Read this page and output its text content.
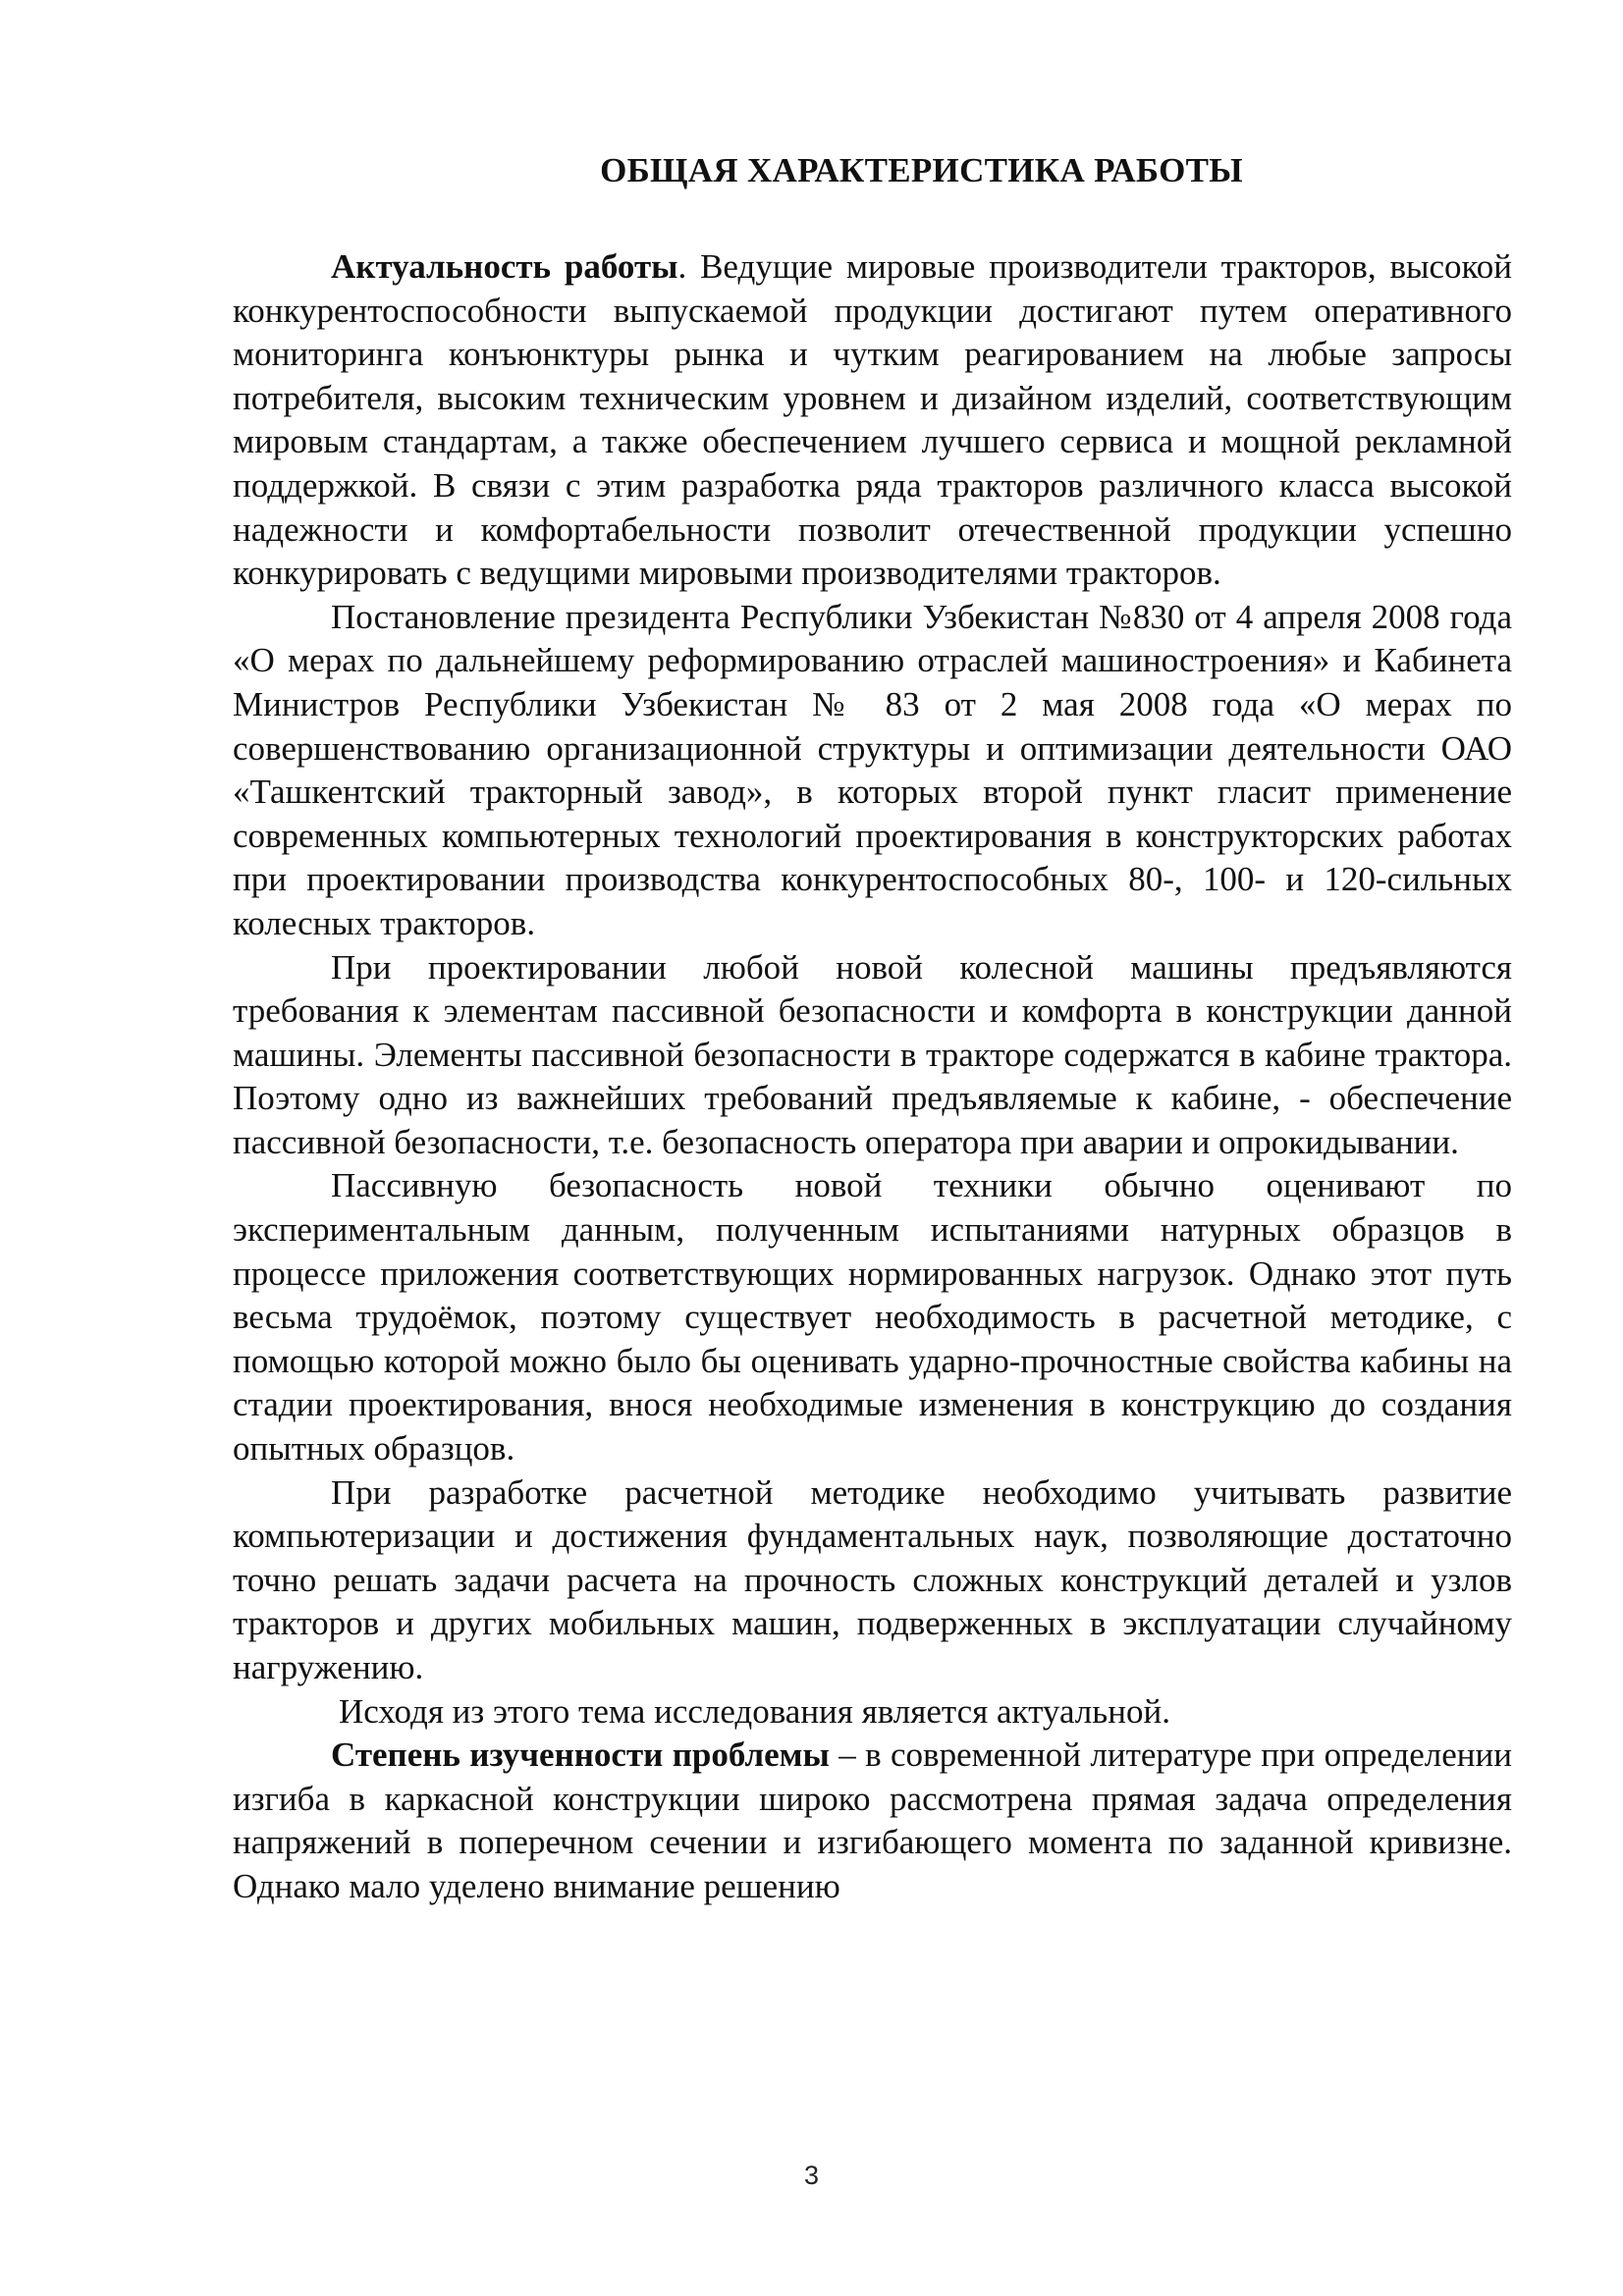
ОБЩАЯ ХАРАКТЕРИСТИКА РАБОТЫ

Актуальность работы. Ведущие мировые производители тракторов, высокой конкурентоспособности выпускаемой продукции достигают путем оперативного мониторинга конъюнктуры рынка и чутким реагированием на любые запросы потребителя, высоким техническим уровнем и дизайном изделий, соответствующим мировым стандартам, а также обеспечением лучшего сервиса и мощной рекламной поддержкой. В связи с этим разработка ряда тракторов различного класса высокой надежности и комфортабельности позволит отечественной продукции успешно конкурировать с ведущими мировыми производителями тракторов.

Постановление президента Республики Узбекистан №830 от 4 апреля 2008 года «О мерах по дальнейшему реформированию отраслей машиностроения» и Кабинета Министров Республики Узбекистан № 83 от 2 мая 2008 года «О мерах по совершенствованию организационной структуры и оптимизации деятельности ОАО «Ташкентский тракторный завод», в которых второй пункт гласит применение современных компьютерных технологий проектирования в конструкторских работах при проектировании производства конкурентоспособных 80-, 100- и 120-сильных колесных тракторов.

При проектировании любой новой колесной машины предъявляются требования к элементам пассивной безопасности и комфорта в конструкции данной машины. Элементы пассивной безопасности в тракторе содержатся в кабине трактора. Поэтому одно из важнейших требований предъявляемые к кабине, - обеспечение пассивной безопасности, т.е. безопасность оператора при аварии и опрокидывании.

Пассивную безопасность новой техники обычно оценивают по экспериментальным данным, полученным испытаниями натурных образцов в процессе приложения соответствующих нормированных нагрузок. Однако этот путь весьма трудоёмок, поэтому существует необходимость в расчетной методике, с помощью которой можно было бы оценивать ударно-прочностные свойства кабины на стадии проектирования, внося необходимые изменения в конструкцию до создания опытных образцов.

При разработке расчетной методике необходимо учитывать развитие компьютеризации и достижения фундаментальных наук, позволяющие достаточно точно решать задачи расчета на прочность сложных конструкций деталей и узлов тракторов и других мобильных машин, подверженных в эксплуатации случайному нагружению.

Исходя из этого тема исследования является актуальной.

Степень изученности проблемы – в современной литературе при определении изгиба в каркасной конструкции широко рассмотрена прямая задача определения напряжений в поперечном сечении и изгибающего момента по заданной кривизне. Однако мало уделено внимание решению

3
